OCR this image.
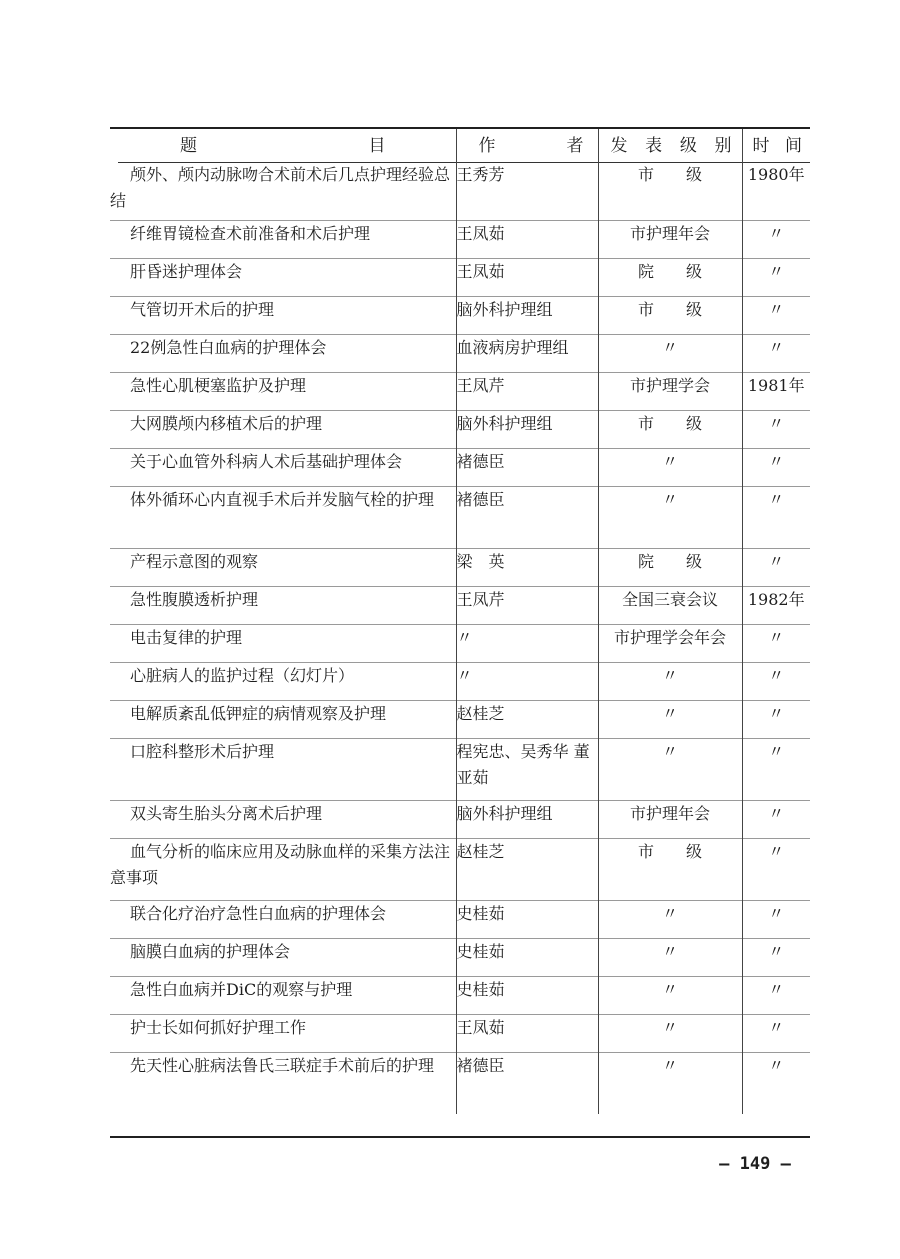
题 目	作 者	发 表 级 别	时 间

颅外、颅内动脉吻合术前术后几点护理经验总结	王秀芳	市　　级	1980年
纤维胃镜检查术前准备和术后护理	王凤茹	市护理年会	〃
肝昏迷护理体会	王凤茹	院　　级	〃
气管切开术后的护理	脑外科护理组	市　　级	〃
22例急性白血病的护理体会	血液病房护理组	〃	〃
急性心肌梗塞监护及护理	王凤芹	市护理学会	1981年
大网膜颅内移植术后的护理	脑外科护理组	市　　级	〃
关于心血管外科病人术后基础护理体会	褚德臣	〃	〃
体外循环心内直视手术后并发脑气栓的护理	褚德臣	〃	〃
产程示意图的观察	梁　英	院　　级	〃
急性腹膜透析护理	王凤芹	全国三衰会议	1982年
电击复律的护理	〃	市护理学会年会	〃
心脏病人的监护过程（幻灯片）	〃	〃	〃
电解质紊乱低钾症的病情观察及护理	赵桂芝	〃	〃
口腔科整形术后护理	程宪忠、吴秀华 董亚茹	〃	〃
双头寄生胎头分离术后护理	脑外科护理组	市护理年会	〃
血气分析的临床应用及动脉血样的采集方法注意事项	赵桂芝	市　　级	〃
联合化疗治疗急性白血病的护理体会	史桂茹	〃	〃
脑膜白血病的护理体会	史桂茹	〃	〃
急性白血病并DiC的观察与护理	史桂茹	〃	〃
护士长如何抓好护理工作	王凤茹	〃	〃
先天性心脏病法鲁氏三联症手术前后的护理	褚德臣	〃	〃
— 149 —
